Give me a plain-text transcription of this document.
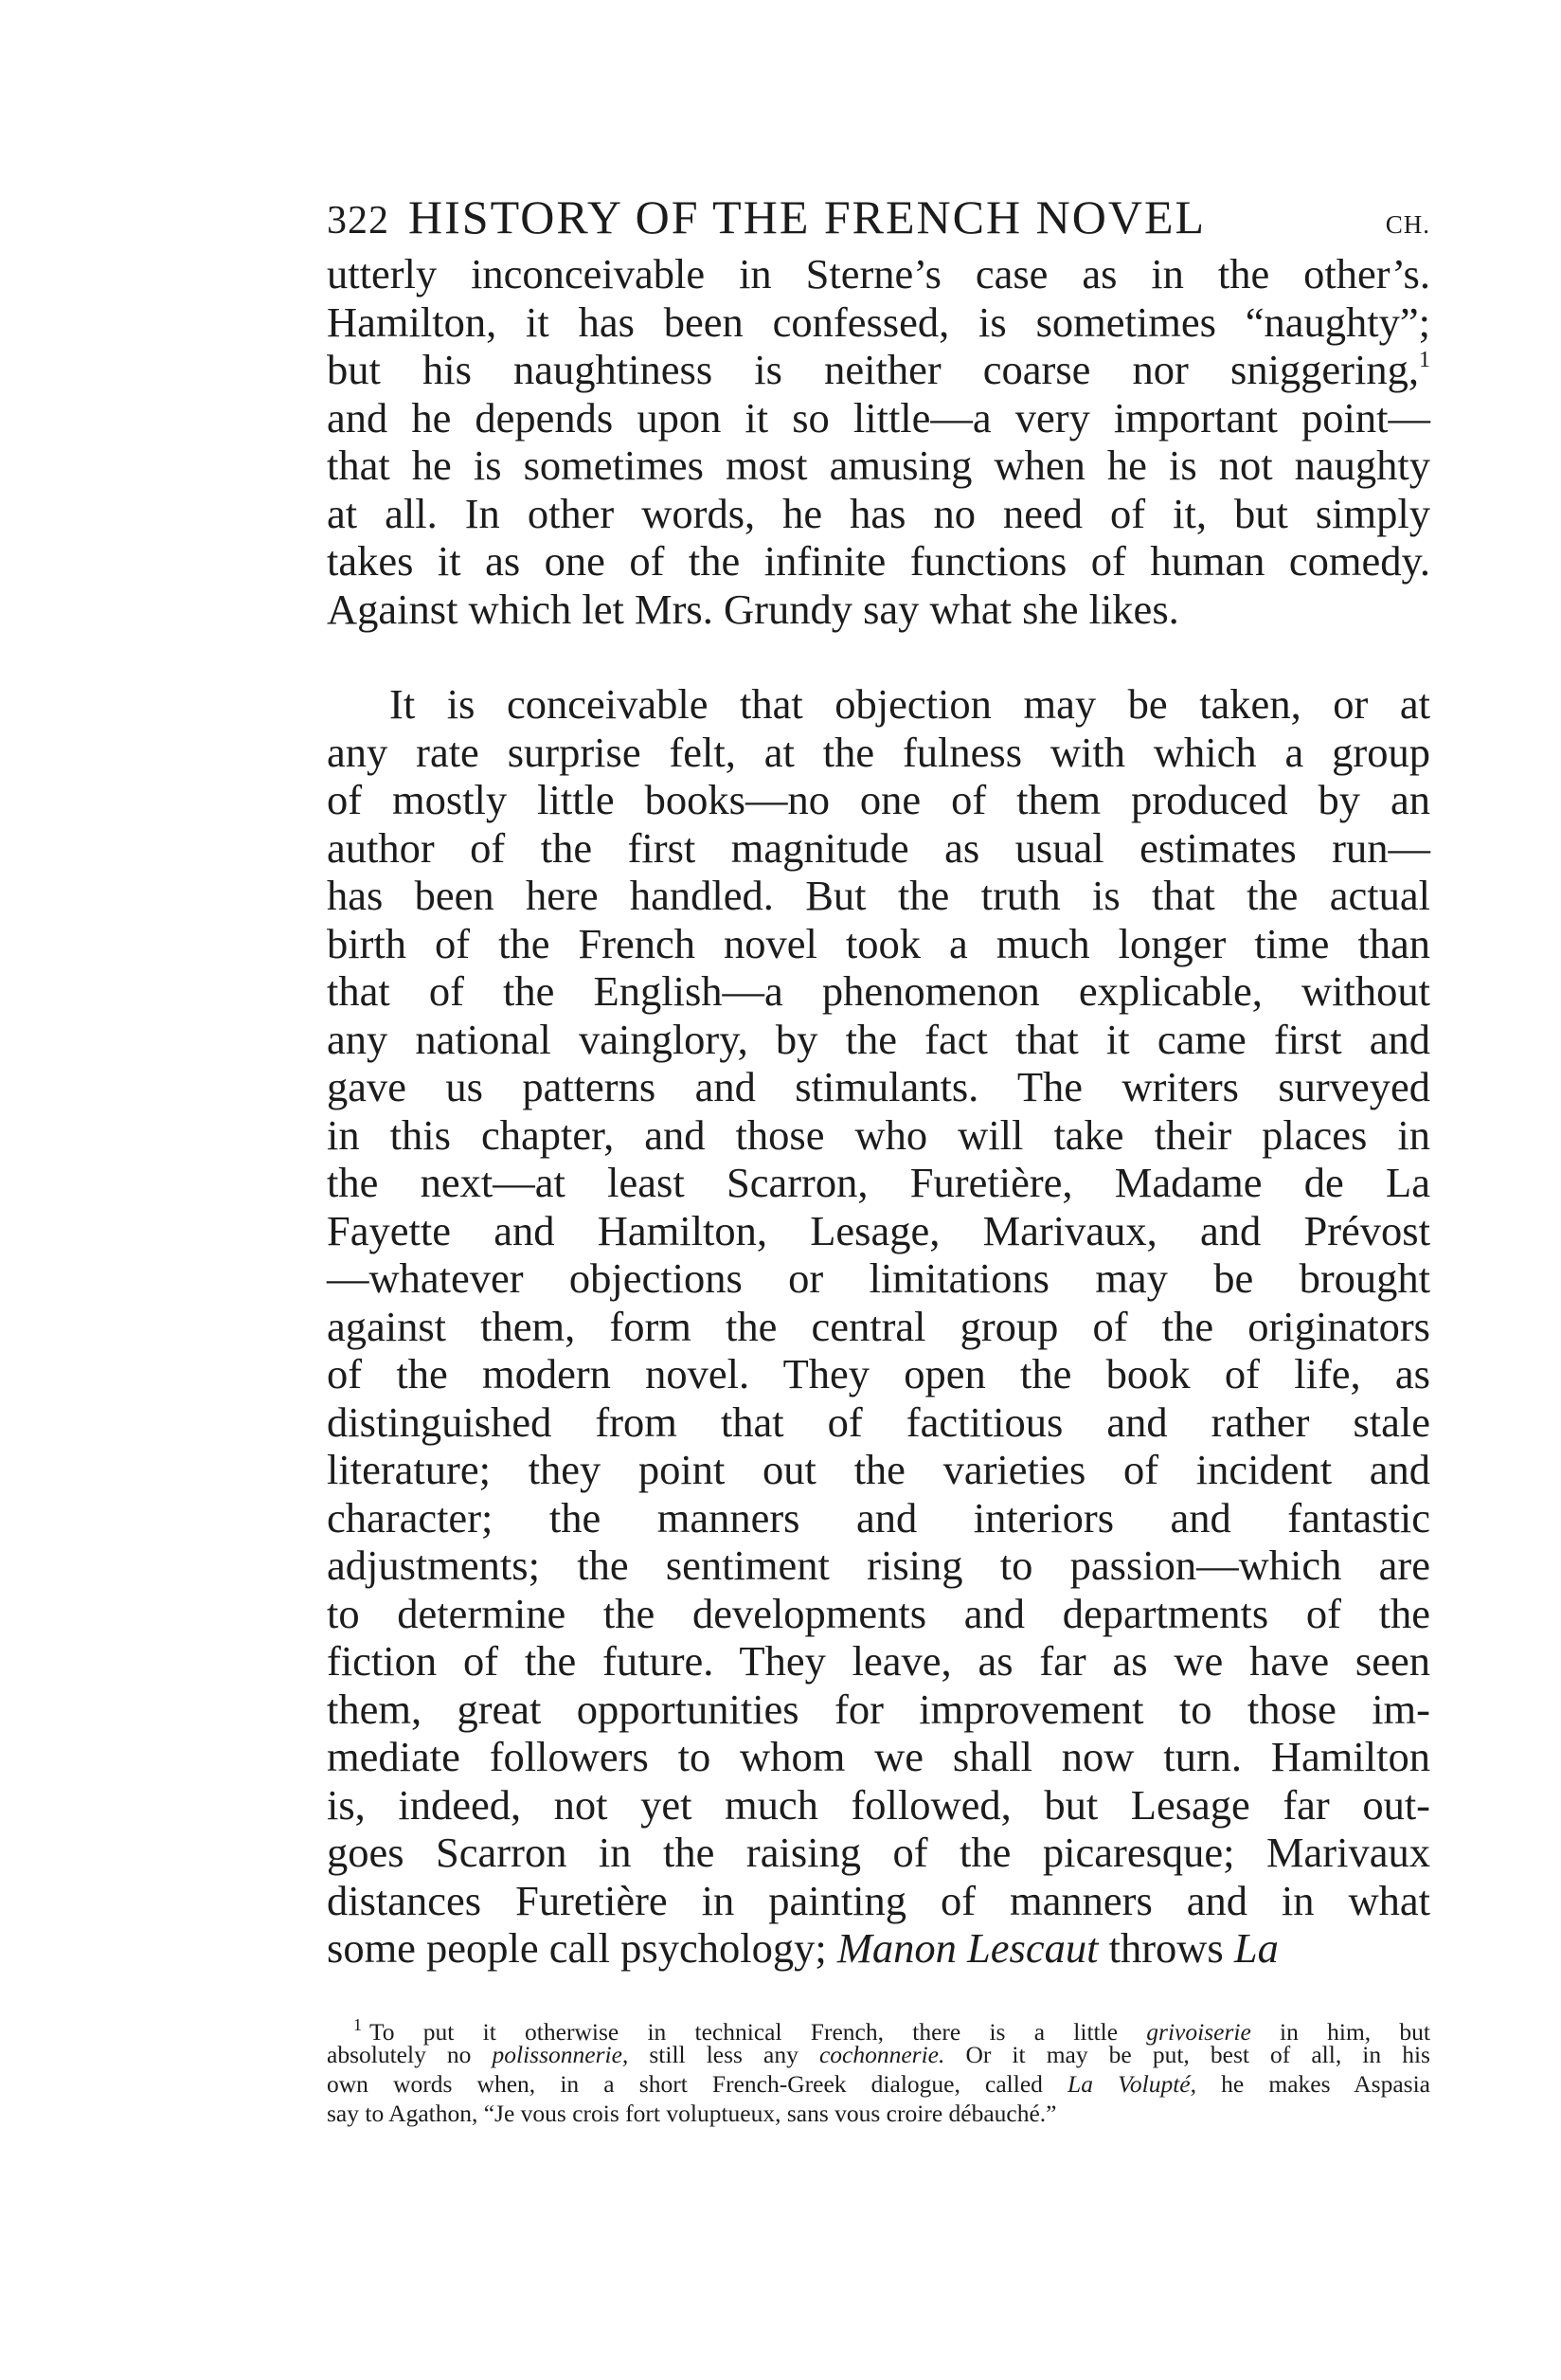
322 HISTORY OF THE FRENCH NOVEL	CH.
utterly inconceivable in Sterne’s case as in the other’s.
Hamilton, it has been confessed, is sometimes “naughty”;
but his naughtiness is neither coarse nor sniggering,$^1$
and he depends upon it so little—a very important point—
that he is sometimes most amusing when he is not naughty
at all. In other words, he has no need of it, but simply
takes it as one of the infinite functions of human comedy.
Against which let Mrs. Grundy say what she likes.
It is conceivable that objection may be taken, or at
any rate surprise felt, at the fulness with which a group
of mostly little books—no one of them produced by an
author of the first magnitude as usual estimates run—
has been here handled. But the truth is that the actual
birth of the French novel took a much longer time than
that of the English—a phenomenon explicable, without
any national vainglory, by the fact that it came first and
gave us patterns and stimulants. The writers surveyed
in this chapter, and those who will take their places in
the next—at least Scarron, Furetière, Madame de La
Fayette and Hamilton, Lesage, Marivaux, and Prévost
—whatever objections or limitations may be brought
against them, form the central group of the originators
of the modern novel. They open the book of life, as
distinguished from that of factitious and rather stale
literature; they point out the varieties of incident and
character; the manners and interiors and fantastic
adjustments; the sentiment rising to passion—which are
to determine the developments and departments of the
fiction of the future. They leave, as far as we have seen
them, great opportunities for improvement to those im-
mediate followers to whom we shall now turn. Hamilton
is, indeed, not yet much followed, but Lesage far out-
goes Scarron in the raising of the picaresque; Marivaux
distances Furetière in painting of manners and in what
some people call psychology; Manon Lescaut throws La
$^1$ To put it otherwise in technical French, there is a little grivoiserie in him, but
absolutely no polissonnerie, still less any cochonnerie. Or it may be put, best of all, in his
own words when, in a short French-Greek dialogue, called La Volupté, he makes Aspasia
say to Agathon, “Je vous crois fort voluptueux, sans vous croire débauché.”
